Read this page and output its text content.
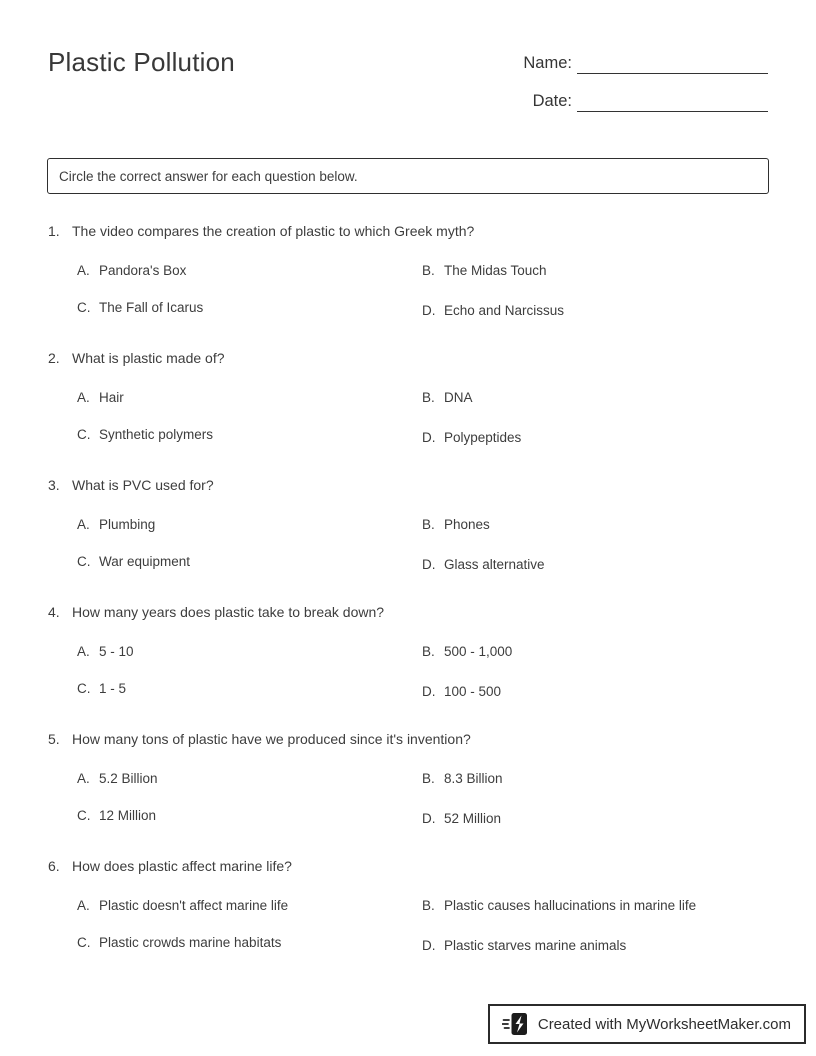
Plastic Pollution	Name:
Date:
Circle the correct answer for each question below.
1. The video compares the creation of plastic to which Greek myth?
A. Pandora's Box	B. The Midas Touch
C. The Fall of Icarus	D. Echo and Narcissus
2. What is plastic made of?
A. Hair	B. DNA
C. Synthetic polymers	D. Polypeptides
3. What is PVC used for?
A. Plumbing	B. Phones
C. War equipment	D. Glass alternative
4. How many years does plastic take to break down?
A. 5 - 10	B. 500 - 1,000
C. 1 - 5	D. 100 - 500
5. How many tons of plastic have we produced since it's invention?
A. 5.2 Billion	B. 8.3 Billion
C. 12 Million	D. 52 Million
6. How does plastic affect marine life?
A. Plastic doesn't affect marine life	B. Plastic causes hallucinations in marine life
C. Plastic crowds marine habitats	D. Plastic starves marine animals
Created with MyWorksheetMaker.com
